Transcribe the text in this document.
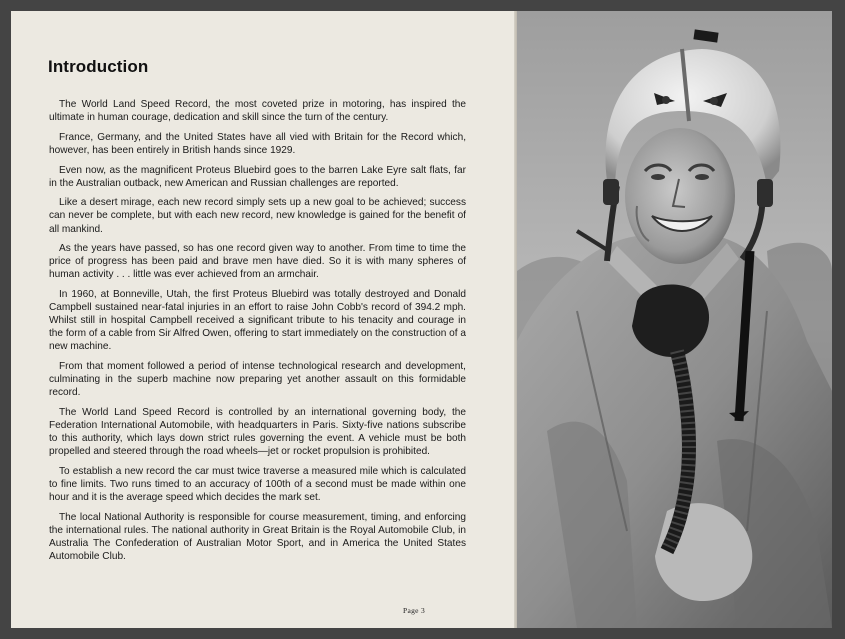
Introduction

The World Land Speed Record, the most coveted prize in motoring, has inspired the ultimate in human courage, dedication and skill since the turn of the century.

France, Germany, and the United States have all vied with Britain for the Record which, however, has been entirely in British hands since 1929.

Even now, as the magnificent Proteus Bluebird goes to the barren Lake Eyre salt flats, far in the Australian outback, new American and Russian challenges are reported.

Like a desert mirage, each new record simply sets up a new goal to be achieved; success can never be complete, but with each new record, new knowledge is gained for the benefit of all mankind.

As the years have passed, so has one record given way to another. From time to time the price of progress has been paid and brave men have died. So it is with many spheres of human activity . . . little was ever achieved from an armchair.

In 1960, at Bonneville, Utah, the first Proteus Bluebird was totally destroyed and Donald Campbell sustained near-fatal injuries in an effort to raise John Cobb's record of 394.2 mph. Whilst still in hospital Campbell received a significant tribute to his tenacity and courage in the form of a cable from Sir Alfred Owen, offering to start immediately on the construction of a new machine.

From that moment followed a period of intense technological research and development, culminating in the superb machine now preparing yet another assault on this formidable record.

The World Land Speed Record is controlled by an international governing body, the Federation International Automobile, with headquarters in Paris. Sixty-five nations subscribe to this authority, which lays down strict rules governing the event. A vehicle must be both propelled and steered through the road wheels—jet or rocket propulsion is prohibited.

To establish a new record the car must twice traverse a measured mile which is calculated to fine limits. Two runs timed to an accuracy of 100th of a second must be made within one hour and it is the average speed which decides the mark set.

The local National Authority is responsible for course measurement, timing, and enforcing the international rules. The national authority in Great Britain is the Royal Automobile Club, in Australia The Confederation of Australian Motor Sport, and in America the United States Automobile Club.

Page 3
